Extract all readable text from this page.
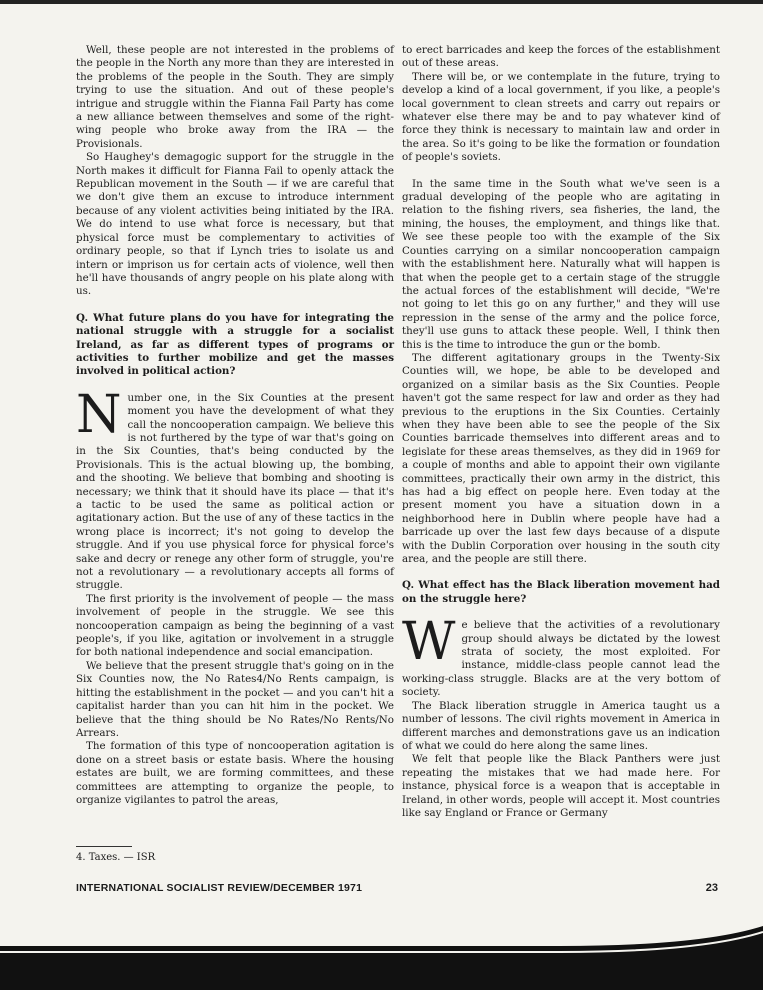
Well, these people are not interested in the problems of the people in the North any more than they are interested in the problems of the people in the South. They are simply trying to use the situation. And out of these people's intrigue and struggle within the Fianna Fail Party has come a new alliance between themselves and some of the right-wing people who broke away from the IRA — the Provisionals.

So Haughey's demagogic support for the struggle in the North makes it difficult for Fianna Fail to openly attack the Republican movement in the South — if we are careful that we don't give them an excuse to introduce internment because of any violent activities being initiated by the IRA. We do intend to use what force is necessary, but that physical force must be complementary to activities of ordinary people, so that if Lynch tries to isolate us and intern or imprison us for certain acts of violence, well then he'll have thousands of angry people on his plate along with us.

Q. What future plans do you have for integrating the national struggle with a struggle for a socialist Ireland, as far as different types of programs or activities to further mobilize and get the masses involved in political action?

Number one, in the Six Counties at the present moment you have the development of what they call the noncooperation campaign. We believe this is not furthered by the type of war that's going on in the Six Counties, that's being conducted by the Provisionals. This is the actual blowing up, the bombing, and the shooting. We believe that bombing and shooting is necessary; we think that it should have its place — that it's a tactic to be used the same as political action or agitationary action. But the use of any of these tactics in the wrong place is incorrect; it's not going to develop the struggle. And if you use physical force for physical force's sake and decry or renege any other form of struggle, you're not a revolutionary — a revolutionary accepts all forms of struggle.

The first priority is the involvement of people — the mass involvement of people in the struggle. We see this noncooperation campaign as being the beginning of a vast people's, if you like, agitation or involvement in a struggle for both national independence and social emancipation.

We believe that the present struggle that's going on in the Six Counties now, the No Rates4/No Rents campaign, is hitting the establishment in the pocket — and you can't hit a capitalist harder than you can hit him in the pocket. We believe that the thing should be No Rates/No Rents/No Arrears.

The formation of this type of noncooperation agitation is done on a street basis or estate basis. Where the housing estates are built, we are forming committees, and these committees are attempting to organize the people, to organize vigilantes to patrol the areas,

to erect barricades and keep the forces of the establishment out of these areas.

There will be, or we contemplate in the future, trying to develop a kind of a local government, if you like, a people's local government to clean streets and carry out repairs or whatever else there may be and to pay whatever kind of force they think is necessary to maintain law and order in the area. So it's going to be like the formation or foundation of people's soviets.

In the same time in the South what we've seen is a gradual developing of the people who are agitating in relation to the fishing rivers, sea fisheries, the land, the mining, the houses, the employment, and things like that. We see these people too with the example of the Six Counties carrying on a similar noncooperation campaign with the establishment here. Naturally what will happen is that when the people get to a certain stage of the struggle the actual forces of the establishment will decide, "We're not going to let this go on any further," and they will use repression in the sense of the army and the police force, they'll use guns to attack these people. Well, I think then this is the time to introduce the gun or the bomb.

The different agitationary groups in the Twenty-Six Counties will, we hope, be able to be developed and organized on a similar basis as the Six Counties. People haven't got the same respect for law and order as they had previous to the eruptions in the Six Counties. Certainly when they have been able to see the people of the Six Counties barricade themselves into different areas and to legislate for these areas themselves, as they did in 1969 for a couple of months and able to appoint their own vigilante committees, practically their own army in the district, this has had a big effect on people here. Even today at the present moment you have a situation down in a neighborhood here in Dublin where people have had a barricade up over the last few days because of a dispute with the Dublin Corporation over housing in the south city area, and the people are still there.

Q. What effect has the Black liberation movement had on the struggle here?

We believe that the activities of a revolutionary group should always be dictated by the lowest strata of society, the most exploited. For instance, middle-class people cannot lead the working-class struggle. Blacks are at the very bottom of society.

The Black liberation struggle in America taught us a number of lessons. The civil rights movement in America in different marches and demonstrations gave us an indication of what we could do here along the same lines.

We felt that people like the Black Panthers were just repeating the mistakes that we had made here. For instance, physical force is a weapon that is acceptable in Ireland, in other words, people will accept it. Most countries like say England or France or Germany

4. Taxes. — ISR
INTERNATIONAL SOCIALIST REVIEW/DECEMBER 1971	23
